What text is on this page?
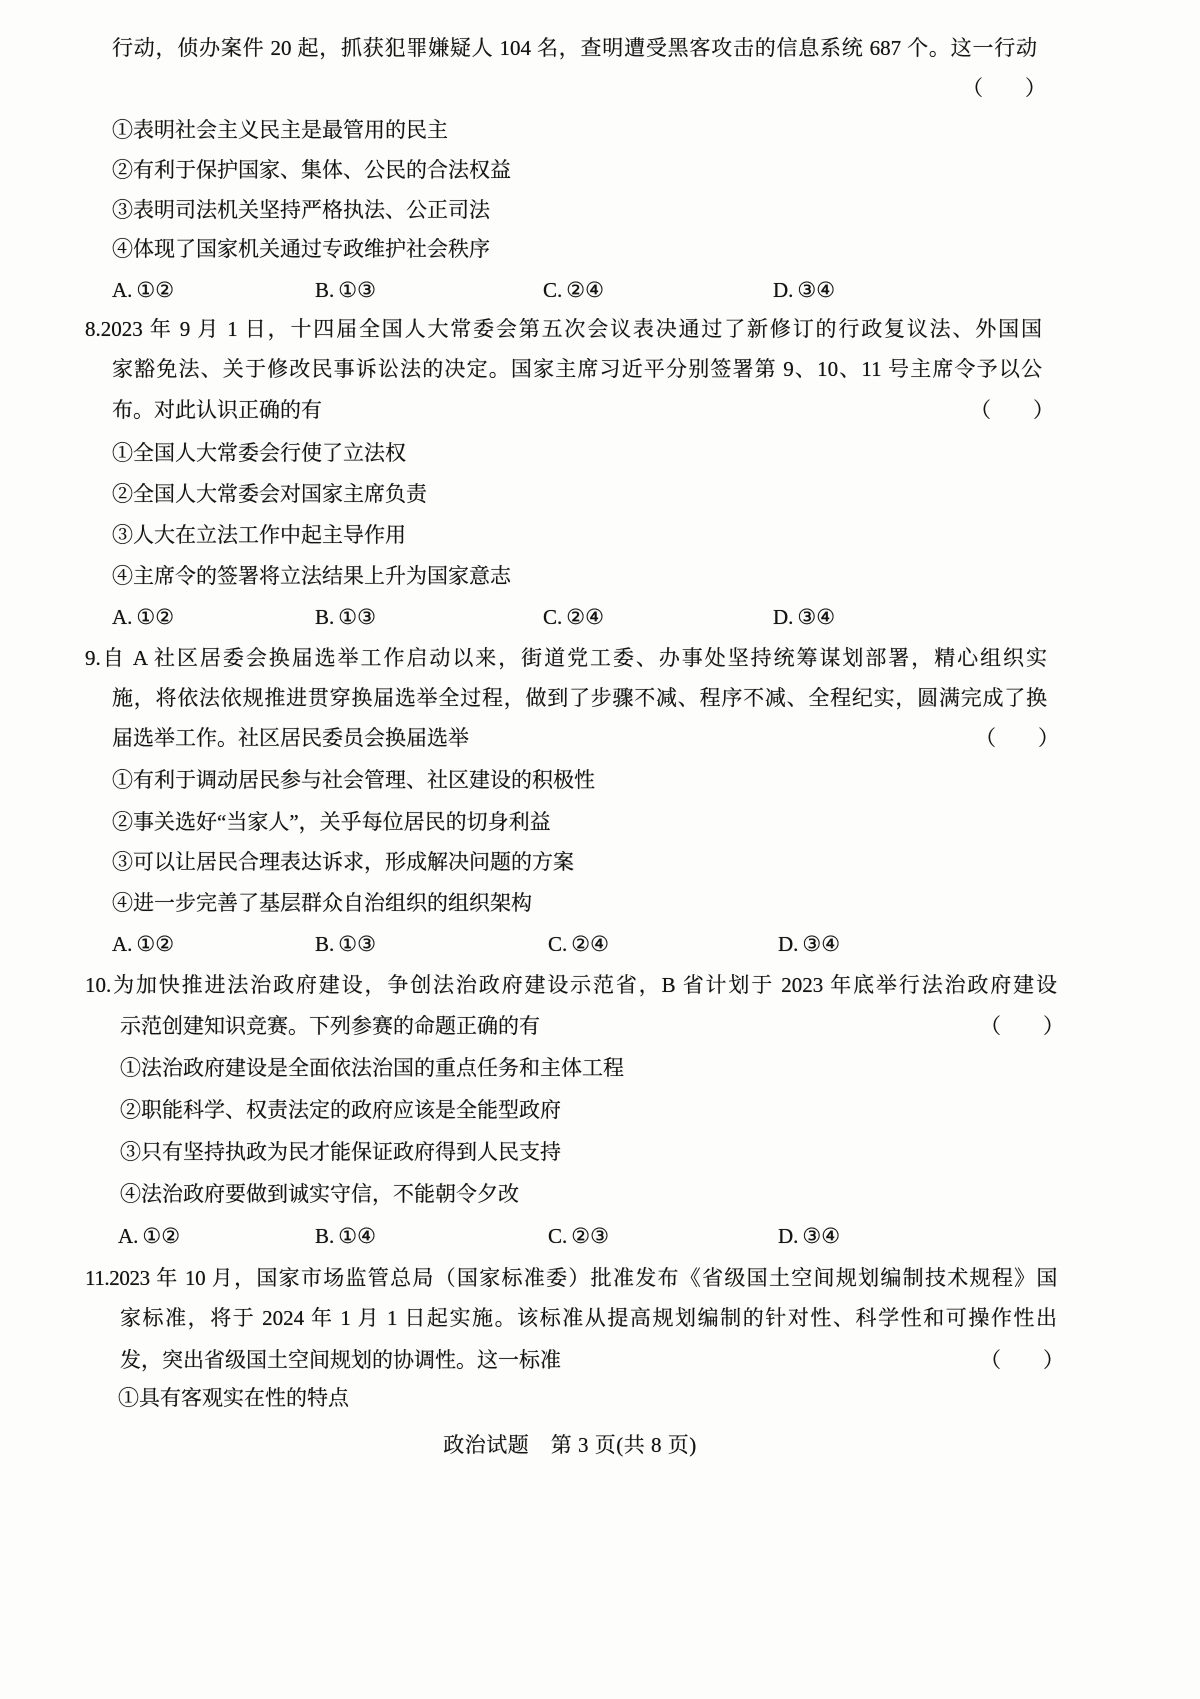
行动，侦办案件 20 起，抓获犯罪嫌疑人 104 名，查明遭受黑客攻击的信息系统 687 个。这一行动
（　　）
①表明社会主义民主是最管用的民主
②有利于保护国家、集体、公民的合法权益
③表明司法机关坚持严格执法、公正司法
④体现了国家机关通过专政维护社会秩序
A. ①②	B. ①③	C. ②④	D. ③④
8.2023 年 9 月 1 日，十四届全国人大常委会第五次会议表决通过了新修订的行政复议法、外国国
家豁免法、关于修改民事诉讼法的决定。国家主席习近平分别签署第 9、10、11 号主席令予以公
布。对此认识正确的有	（　　）
①全国人大常委会行使了立法权
②全国人大常委会对国家主席负责
③人大在立法工作中起主导作用
④主席令的签署将立法结果上升为国家意志
A. ①②	B. ①③	C. ②④	D. ③④
9.自 A 社区居委会换届选举工作启动以来，街道党工委、办事处坚持统筹谋划部署，精心组织实
施，将依法依规推进贯穿换届选举全过程，做到了步骤不减、程序不减、全程纪实，圆满完成了换
届选举工作。社区居民委员会换届选举	（　　）
①有利于调动居民参与社会管理、社区建设的积极性
②事关选好“当家人”，关乎每位居民的切身利益
③可以让居民合理表达诉求，形成解决问题的方案
④进一步完善了基层群众自治组织的组织架构
A. ①②	B. ①③	C. ②④	D. ③④
10.为加快推进法治政府建设，争创法治政府建设示范省，B 省计划于 2023 年底举行法治政府建设
示范创建知识竞赛。下列参赛的命题正确的有	（　　）
①法治政府建设是全面依法治国的重点任务和主体工程
②职能科学、权责法定的政府应该是全能型政府
③只有坚持执政为民才能保证政府得到人民支持
④法治政府要做到诚实守信，不能朝令夕改
A. ①②	B. ①④	C. ②③	D. ③④
11.2023 年 10 月，国家市场监管总局（国家标准委）批准发布《省级国土空间规划编制技术规程》国
家标准，将于 2024 年 1 月 1 日起实施。该标准从提高规划编制的针对性、科学性和可操作性出
发，突出省级国土空间规划的协调性。这一标准	（　　）
①具有客观实在性的特点
政治试题　第 3 页(共 8 页)
